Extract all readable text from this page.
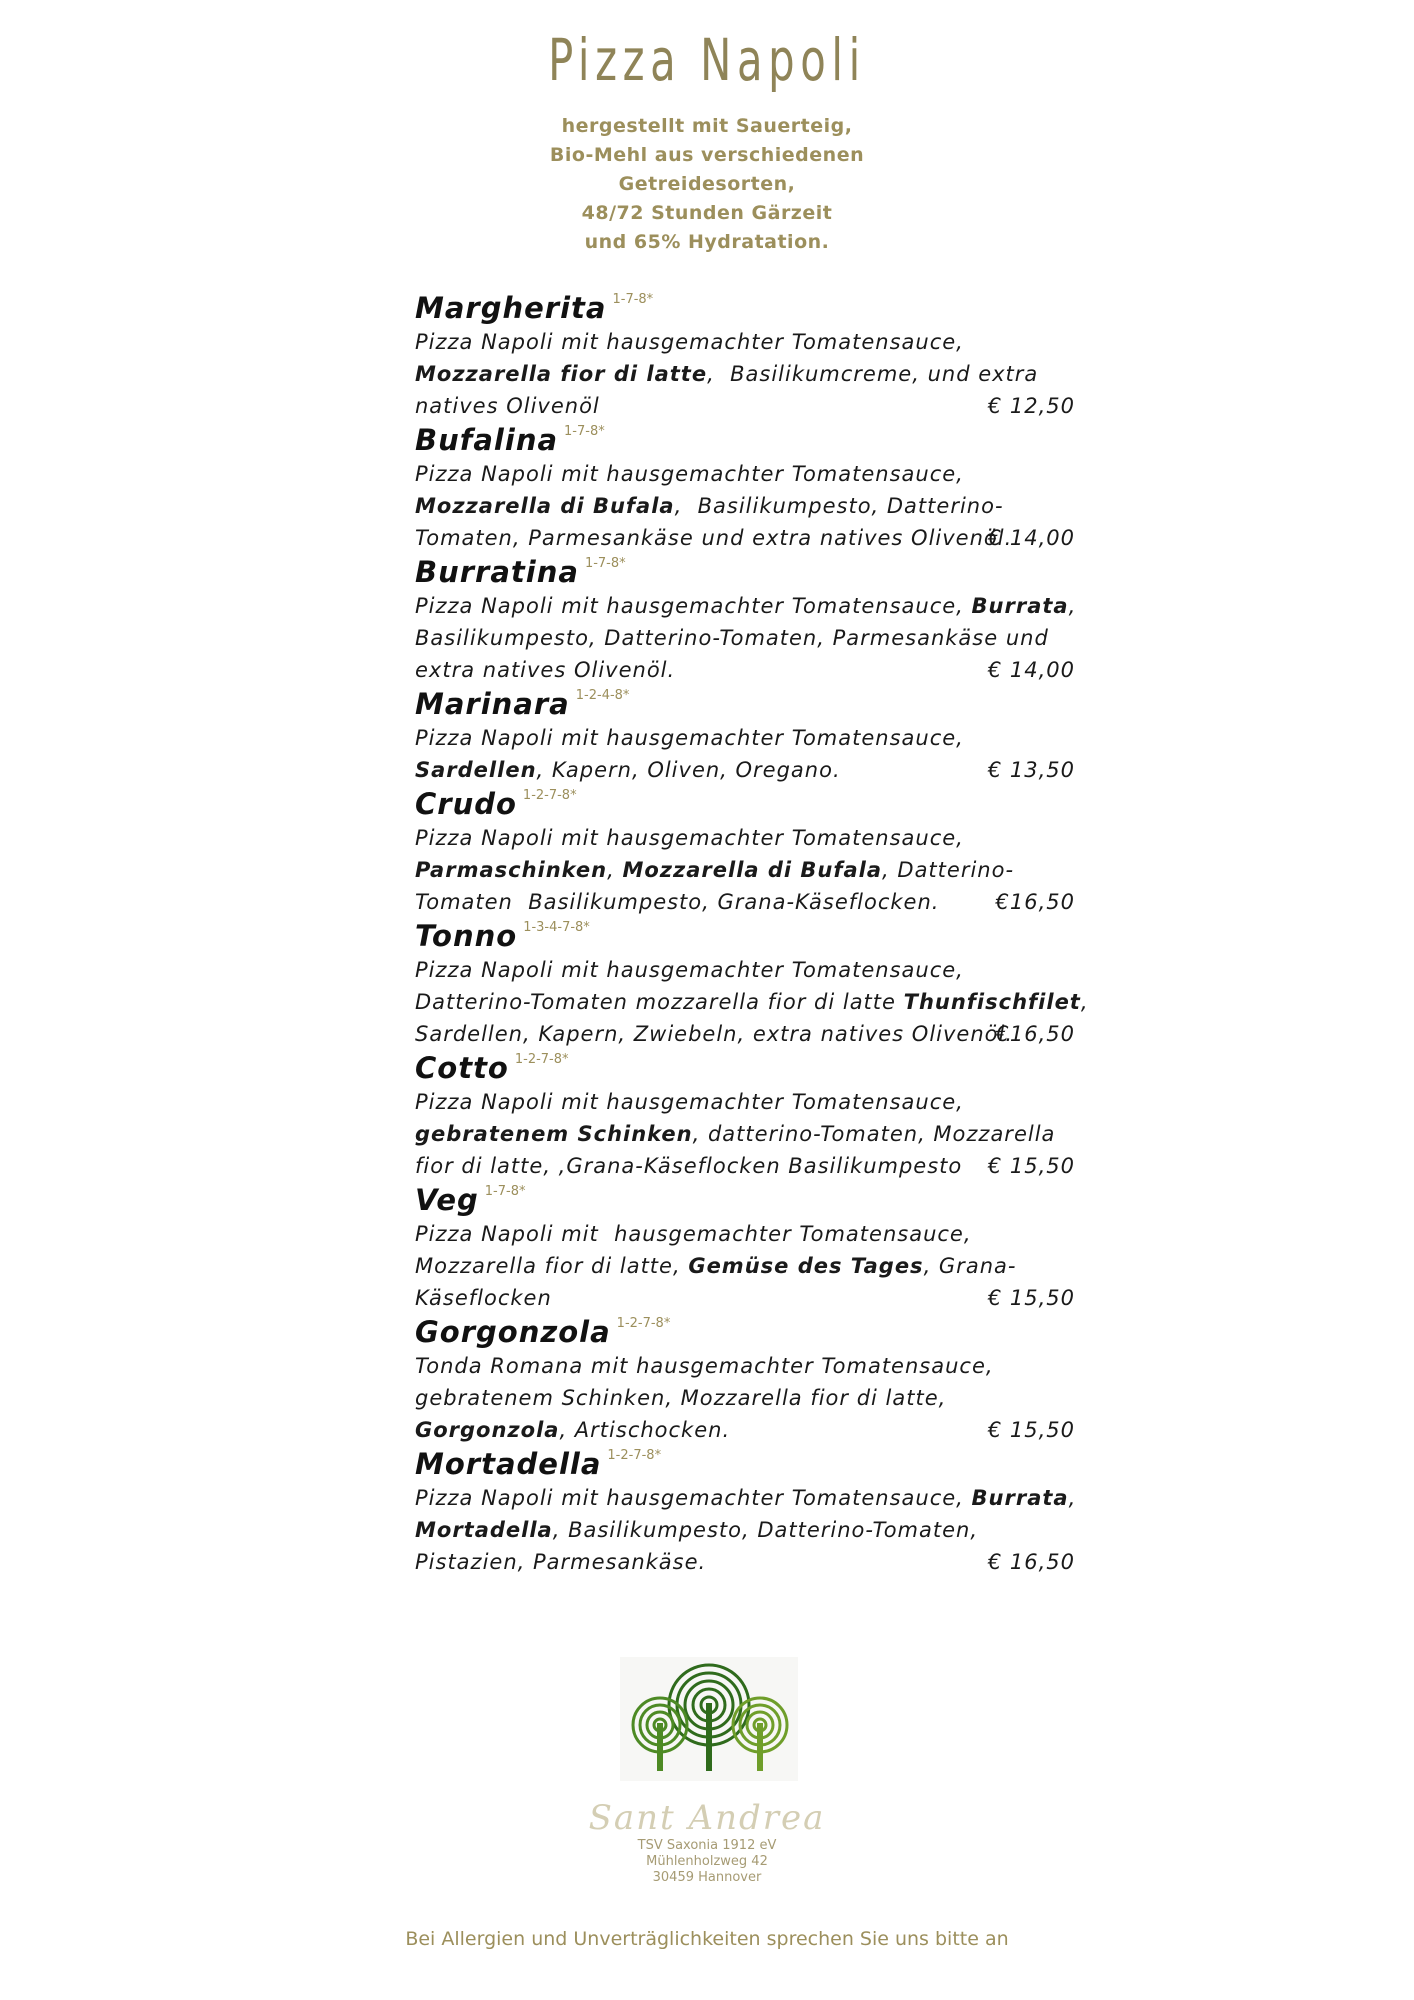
Pizza Napoli
hergestellt mit Sauerteig,
Bio-Mehl aus verschiedenen
Getreidesorten,
48/72 Stunden Gärzeit
und 65% Hydratation.
Margherita $^{1-7-8*}$
Pizza Napoli mit hausgemachter Tomatensauce,
Mozzarella fior di latte,  Basilikumcreme, und extra
natives Olivenöl	€ 12,50
Bufalina $^{1-7-8*}$
Pizza Napoli mit hausgemachter Tomatensauce,
Mozzarella di Bufala,  Basilikumpesto, Datterino-
Tomaten, Parmesankäse und extra natives Olivenöl.
€ 14,00
Burratina $^{1-7-8*}$
Pizza Napoli mit hausgemachter Tomatensauce, Burrata,
Basilikumpesto, Datterino-Tomaten, Parmesankäse und
extra natives Olivenöl.	€ 14,00
Marinara $^{1-2-4-8*}$
Pizza Napoli mit hausgemachter Tomatensauce,
Sardellen, Kapern, Oliven, Oregano.	€ 13,50
Crudo $^{1-2-7-8*}$
Pizza Napoli mit hausgemachter Tomatensauce,
Parmaschinken, Mozzarella di Bufala, Datterino-
Tomaten  Basilikumpesto, Grana-Käseflocken.	€16,50
Tonno $^{1-3-4-7-8*}$
Pizza Napoli mit hausgemachter Tomatensauce,
Datterino-Tomaten mozzarella fior di latte Thunfischfilet,
Sardellen, Kapern, Zwiebeln, extra natives Olivenöl.
€16,50
Cotto $^{1-2-7-8*}$
Pizza Napoli mit hausgemachter Tomatensauce,
gebratenem Schinken, datterino-Tomaten, Mozzarella
fior di latte, ,Grana-Käseflocken Basilikumpesto	€ 15,50
Veg $^{1-7-8*}$
Pizza Napoli mit  hausgemachter Tomatensauce,
Mozzarella fior di latte, Gemüse des Tages, Grana-
Käseflocken	€ 15,50
Gorgonzola $^{1-2-7-8*}$
Tonda Romana mit hausgemachter Tomatensauce,
gebratenem Schinken, Mozzarella fior di latte,
Gorgonzola, Artischocken.	€ 15,50
Mortadella $^{1-2-7-8*}$
Pizza Napoli mit hausgemachter Tomatensauce, Burrata,
Mortadella, Basilikumpesto, Datterino-Tomaten,
Pistazien, Parmesankäse.	€ 16,50
Sant Andrea
TSV Saxonia 1912 eV
Mühlenholzweg 42
30459 Hannover
Bei Allergien und Unverträglichkeiten sprechen Sie uns bitte an
